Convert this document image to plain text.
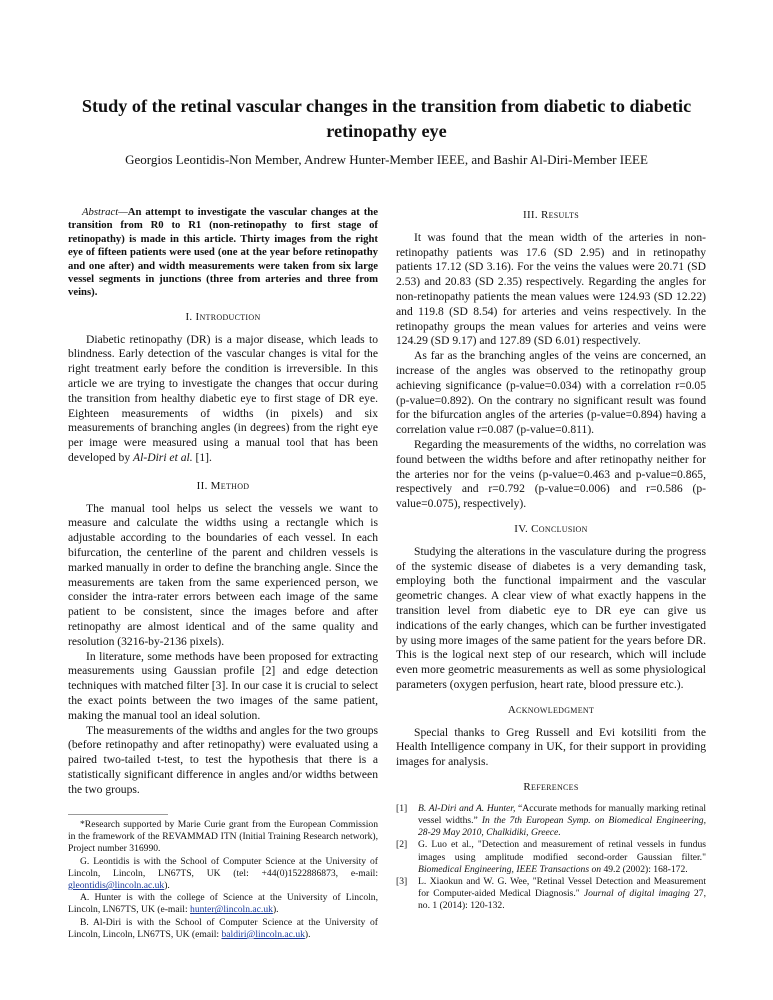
Study of the retinal vascular changes in the transition from diabetic to diabetic retinopathy eye
Georgios Leontidis-Non Member, Andrew Hunter-Member IEEE, and Bashir Al-Diri-Member IEEE

Abstract—An attempt to investigate the vascular changes at the transition from R0 to R1 (non-retinopathy to first stage of retinopathy) is made in this article. Thirty images from the right eye of fifteen patients were used (one at the year before retinopathy and one after) and width measurements were taken from six large vessel segments in junctions (three from arteries and three from veins).

I. Introduction

Diabetic retinopathy (DR) is a major disease, which leads to blindness. Early detection of the vascular changes is vital for the right treatment early before the condition is irreversible. In this article we are trying to investigate the changes that occur during the transition from healthy diabetic eye to first stage of DR eye. Eighteen measurements of widths (in pixels) and six measurements of branching angles (in degrees) from the right eye per image were measured using a manual tool that has been developed by Al-Diri et al. [1].

II. Method

The manual tool helps us select the vessels we want to measure and calculate the widths using a rectangle which is adjustable according to the boundaries of each vessel. In each bifurcation, the centerline of the parent and children vessels is marked manually in order to define the branching angle. Since the measurements are taken from the same experienced person, we consider the intra-rater errors between each image of the same patient to be consistent, since the images before and after retinopathy are almost identical and of the same quality and resolution (3216-by-2136 pixels).

In literature, some methods have been proposed for extracting measurements using Gaussian profile [2] and edge detection techniques with matched filter [3]. In our case it is crucial to select the exact points between the two images of the same patient, making the manual tool an ideal solution.

The measurements of the widths and angles for the two groups (before retinopathy and after retinopathy) were evaluated using a paired two-tailed t-test, to test the hypothesis that there is a statistically significant difference in angles and/or widths between the two groups.

*Research supported by Marie Curie grant from the European Commission in the framework of the REVAMMAD ITN (Initial Training Research network), Project number 316990.

G. Leontidis is with the School of Computer Science at the University of Lincoln, Lincoln, LN67TS, UK (tel: +44(0)1522886873, e-mail: gleontidis@lincoln.ac.uk).

A. Hunter is with the college of Science at the University of Lincoln, Lincoln, LN67TS, UK (e-mail: hunter@lincoln.ac.uk).

B. Al-Diri is with the School of Computer Science at the University of Lincoln, Lincoln, LN67TS, UK (email: baldiri@lincoln.ac.uk).

III. Results

It was found that the mean width of the arteries in non-retinopathy patients was 17.6 (SD 2.95) and in retinopathy patients 17.12 (SD 3.16). For the veins the values were 20.71 (SD 2.53) and 20.83 (SD 2.35) respectively. Regarding the angles for non-retinopathy patients the mean values were 124.93 (SD 12.22) and 119.8 (SD 8.54) for arteries and veins respectively. In the retinopathy groups the mean values for arteries and veins were 124.29 (SD 9.17) and 127.89 (SD 6.01) respectively.

As far as the branching angles of the veins are concerned, an increase of the angles was observed to the retinopathy group achieving significance (p-value=0.034) with a correlation r=0.05 (p-value=0.892). On the contrary no significant result was found for the bifurcation angles of the arteries (p-value=0.894) having a correlation value r=0.087 (p-value=0.811).

Regarding the measurements of the widths, no correlation was found between the widths before and after retinopathy neither for the arteries nor for the veins (p-value=0.463 and p-value=0.865, respectively and r=0.792 (p-value=0.006) and r=0.586 (p-value=0.075), respectively).

IV. Conclusion

Studying the alterations in the vasculature during the progress of the systemic disease of diabetes is a very demanding task, employing both the functional impairment and the vascular geometric changes. A clear view of what exactly happens in the transition level from diabetic eye to DR eye can give us indications of the early changes, which can be further investigated by using more images of the same patient for the years before DR. This is the logical next step of our research, which will include even more geometric measurements as well as some physiological parameters (oxygen perfusion, heart rate, blood pressure etc.).

Acknowledgment

Special thanks to Greg Russell and Evi kotsiliti from the Health Intelligence company in UK, for their support in providing images for analysis.

References
[1]	B. Al-Diri and A. Hunter, “Accurate methods for manually marking retinal vessel widths.” In the 7th European Symp. on Biomedical Engineering, 28-29 May 2010, Chalkidiki, Greece.
[2]	G. Luo et al., "Detection and measurement of retinal vessels in fundus images using amplitude modified second-order Gaussian filter." Biomedical Engineering, IEEE Transactions on 49.2 (2002): 168-172.
[3]	L. Xiaokun and W. G. Wee, "Retinal Vessel Detection and Measurement for Computer-aided Medical Diagnosis." Journal of digital imaging 27, no. 1 (2014): 120-132.
